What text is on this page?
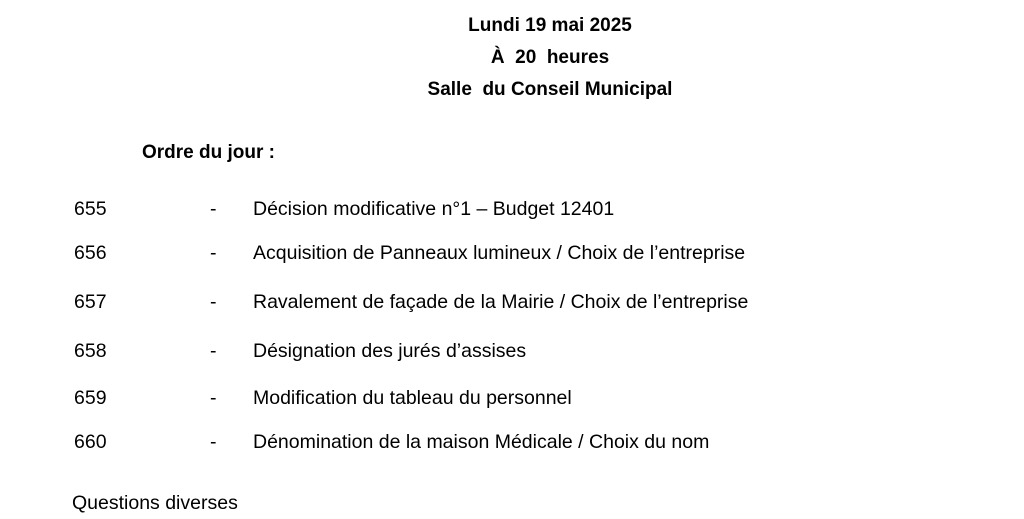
Lundi 19 mai 2025
À  20  heures
Salle  du Conseil Municipal
Ordre du jour :
655	- Décision modificative n°1 – Budget 12401
656	- Acquisition de Panneaux lumineux / Choix de l’entreprise
657	- Ravalement de façade de la Mairie / Choix de l’entreprise
658	- Désignation des jurés d’assises
659	- Modification du tableau du personnel
660	- Dénomination de la maison Médicale / Choix du nom
Questions diverses
